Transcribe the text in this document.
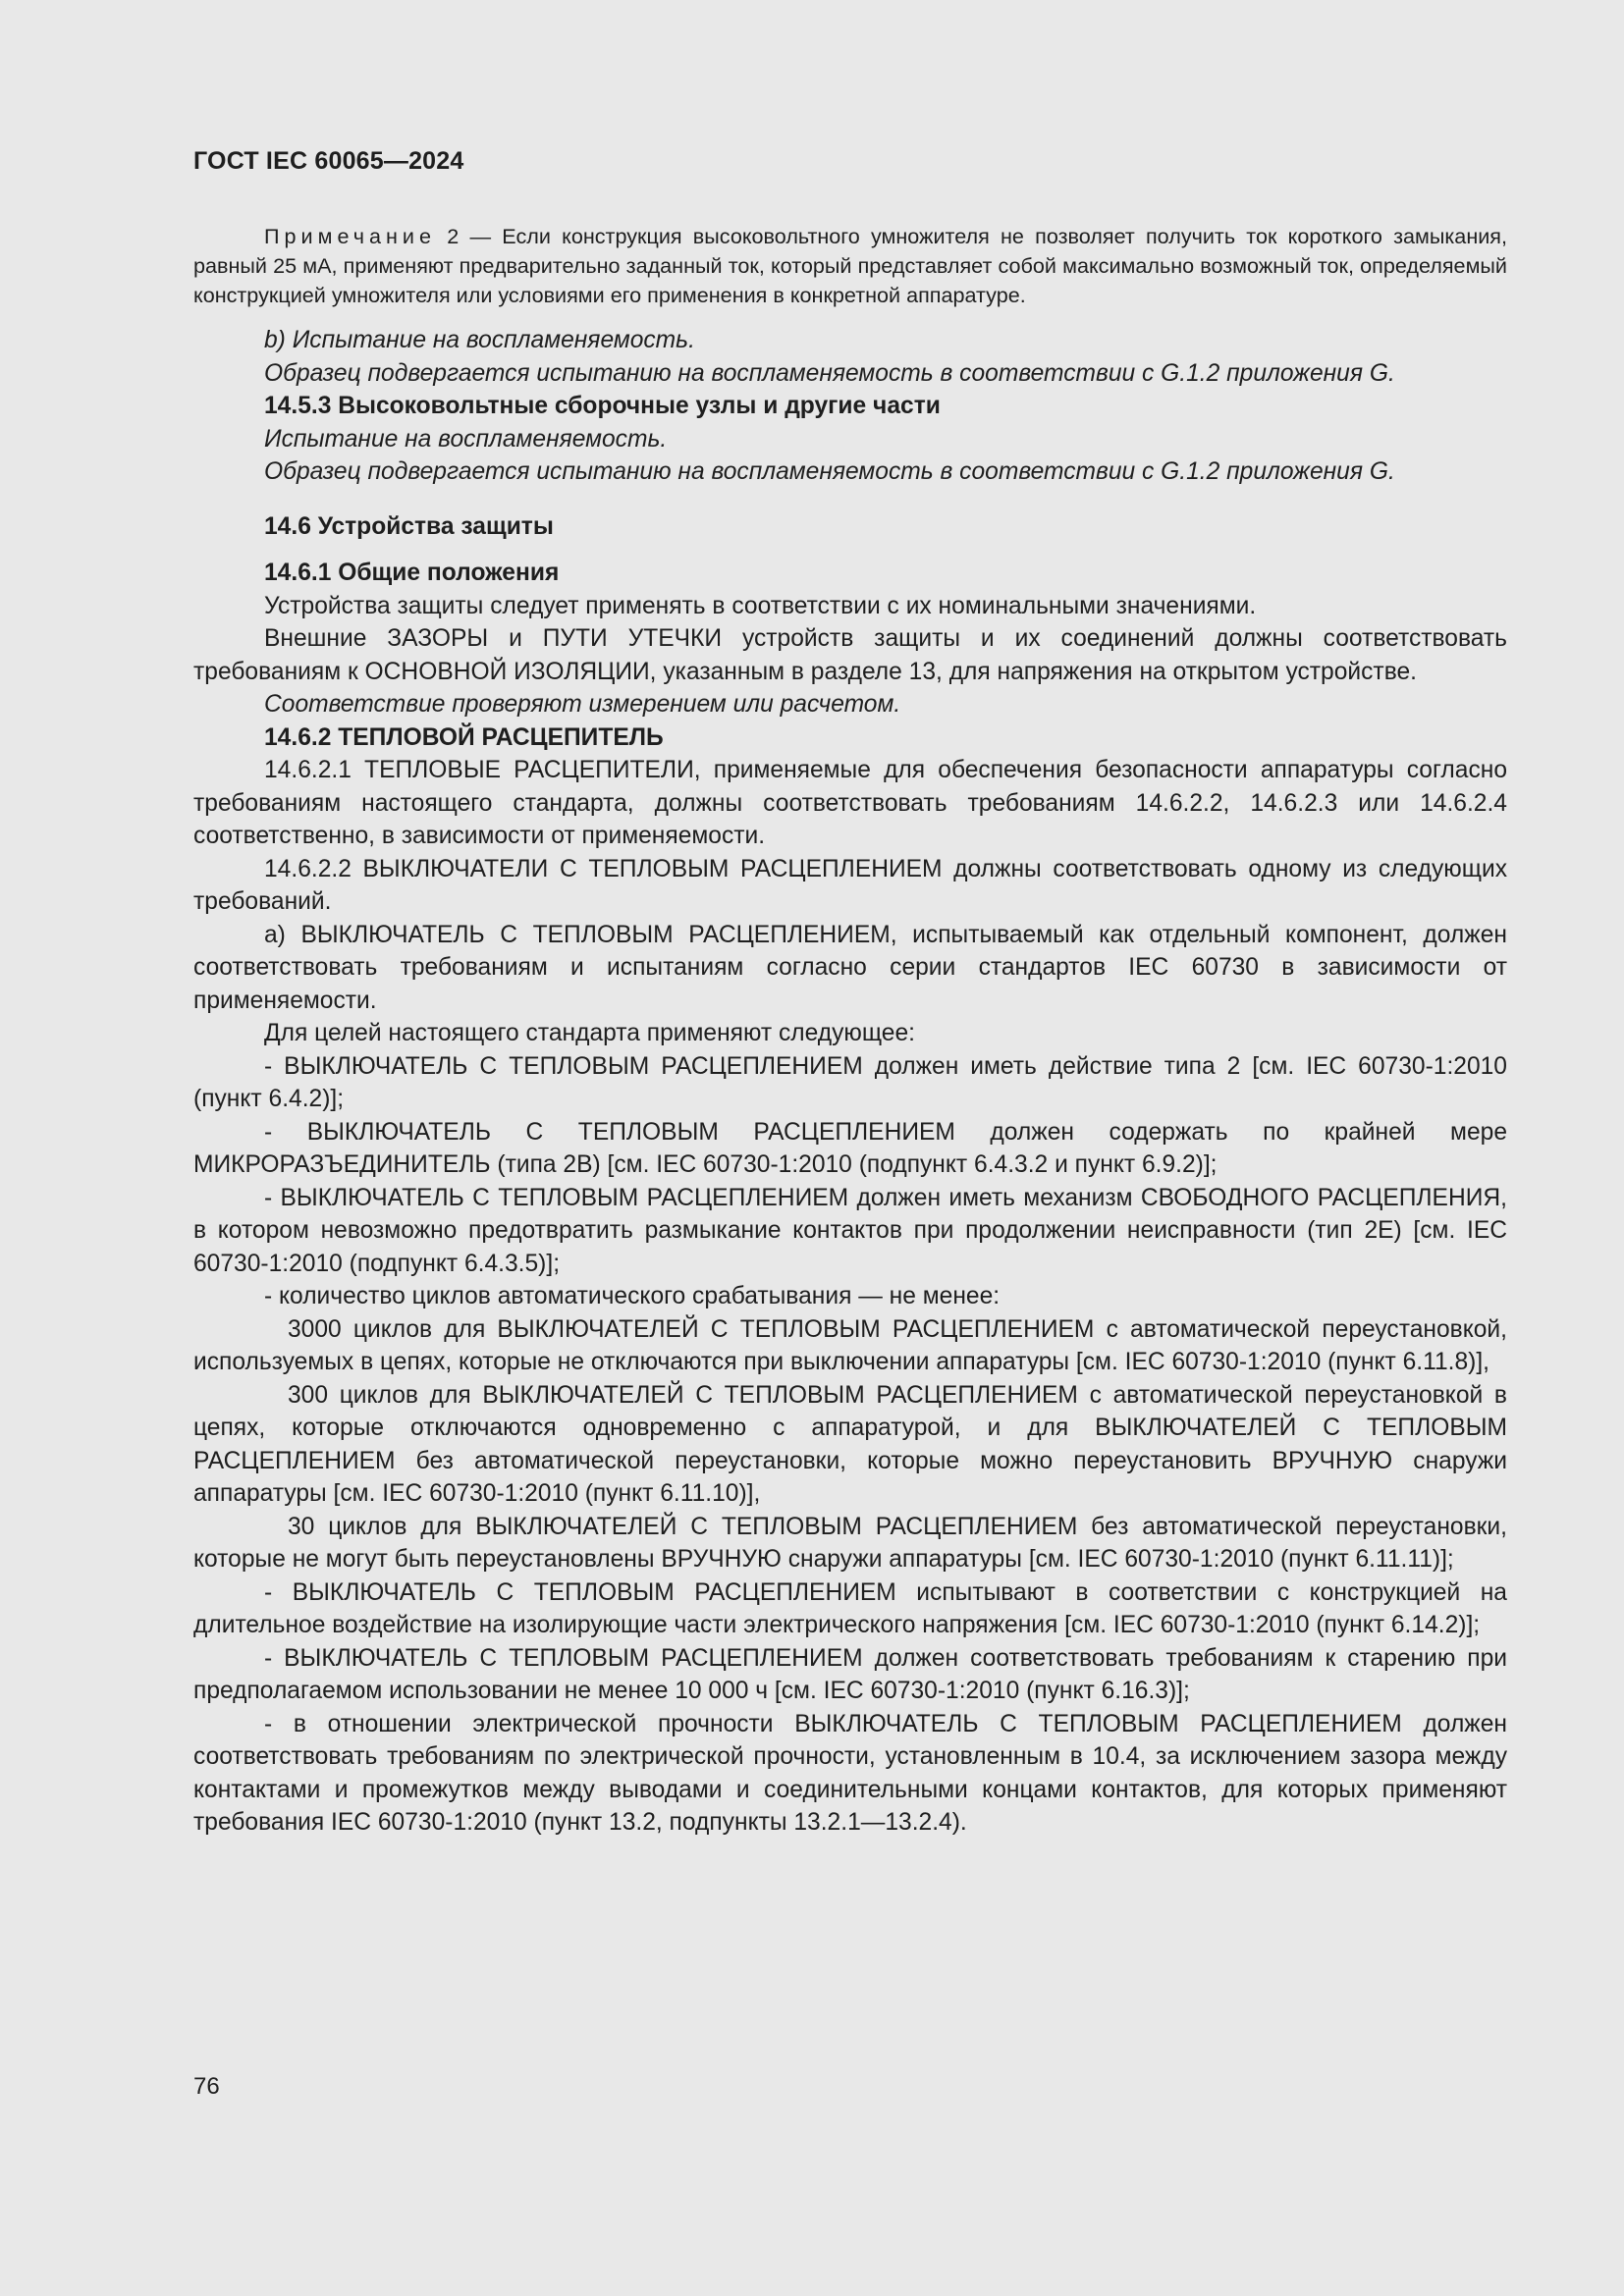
ГОСТ IEC 60065—2024

Примечание 2 — Если конструкция высоковольтного умножителя не позволяет получить ток короткого замыкания, равный 25 мА, применяют предварительно заданный ток, который представляет собой максимально возможный ток, определяемый конструкцией умножителя или условиями его применения в конкретной аппаратуре.

b) Испытание на воспламеняемость.

Образец подвергается испытанию на воспламеняемость в соответствии с G.1.2 приложения G.

14.5.3 Высоковольтные сборочные узлы и другие части

Испытание на воспламеняемость.

Образец подвергается испытанию на воспламеняемость в соответствии с G.1.2 приложения G.

14.6 Устройства защиты

14.6.1 Общие положения

Устройства защиты следует применять в соответствии с их номинальными значениями.

Внешние ЗАЗОРЫ и ПУТИ УТЕЧКИ устройств защиты и их соединений должны соответствовать требованиям к ОСНОВНОЙ ИЗОЛЯЦИИ, указанным в разделе 13, для напряжения на открытом устройстве.

Соответствие проверяют измерением или расчетом.

14.6.2 ТЕПЛОВОЙ РАСЦЕПИТЕЛЬ

14.6.2.1 ТЕПЛОВЫЕ РАСЦЕПИТЕЛИ, применяемые для обеспечения безопасности аппаратуры согласно требованиям настоящего стандарта, должны соответствовать требованиям 14.6.2.2, 14.6.2.3 или 14.6.2.4 соответственно, в зависимости от применяемости.

14.6.2.2 ВЫКЛЮЧАТЕЛИ С ТЕПЛОВЫМ РАСЦЕПЛЕНИЕМ должны соответствовать одному из следующих требований.

а) ВЫКЛЮЧАТЕЛЬ С ТЕПЛОВЫМ РАСЦЕПЛЕНИЕМ, испытываемый как отдельный компонент, должен соответствовать требованиям и испытаниям согласно серии стандартов IEC 60730 в зависимости от применяемости.

Для целей настоящего стандарта применяют следующее:

- ВЫКЛЮЧАТЕЛЬ С ТЕПЛОВЫМ РАСЦЕПЛЕНИЕМ должен иметь действие типа 2 [см. IEC 60730-1:2010 (пункт 6.4.2)];

- ВЫКЛЮЧАТЕЛЬ С ТЕПЛОВЫМ РАСЦЕПЛЕНИЕМ должен содержать по крайней мере МИКРОРАЗЪЕДИНИТЕЛЬ (типа 2В) [см. IEC 60730-1:2010 (подпункт 6.4.3.2 и пункт 6.9.2)];

- ВЫКЛЮЧАТЕЛЬ С ТЕПЛОВЫМ РАСЦЕПЛЕНИЕМ должен иметь механизм СВОБОДНОГО РАСЦЕПЛЕНИЯ, в котором невозможно предотвратить размыкание контактов при продолжении неисправности (тип 2Е) [см. IEC 60730-1:2010 (подпункт 6.4.3.5)];

- количество циклов автоматического срабатывания — не менее:

3000 циклов для ВЫКЛЮЧАТЕЛЕЙ С ТЕПЛОВЫМ РАСЦЕПЛЕНИЕМ с автоматической переустановкой, используемых в цепях, которые не отключаются при выключении аппаратуры [см. IEC 60730-1:2010 (пункт 6.11.8)],

300 циклов для ВЫКЛЮЧАТЕЛЕЙ С ТЕПЛОВЫМ РАСЦЕПЛЕНИЕМ с автоматической переустановкой в цепях, которые отключаются одновременно с аппаратурой, и для ВЫКЛЮЧАТЕЛЕЙ С ТЕПЛОВЫМ РАСЦЕПЛЕНИЕМ без автоматической переустановки, которые можно переустановить ВРУЧНУЮ снаружи аппаратуры [см. IEC 60730-1:2010 (пункт 6.11.10)],

30 циклов для ВЫКЛЮЧАТЕЛЕЙ С ТЕПЛОВЫМ РАСЦЕПЛЕНИЕМ без автоматической переустановки, которые не могут быть переустановлены ВРУЧНУЮ снаружи аппаратуры [см. IEC 60730-1:2010 (пункт 6.11.11)];

- ВЫКЛЮЧАТЕЛЬ С ТЕПЛОВЫМ РАСЦЕПЛЕНИЕМ испытывают в соответствии с конструкцией на длительное воздействие на изолирующие части электрического напряжения [см. IEC 60730-1:2010 (пункт 6.14.2)];

- ВЫКЛЮЧАТЕЛЬ С ТЕПЛОВЫМ РАСЦЕПЛЕНИЕМ должен соответствовать требованиям к старению при предполагаемом использовании не менее 10 000 ч [см. IEC 60730-1:2010 (пункт 6.16.3)];

- в отношении электрической прочности ВЫКЛЮЧАТЕЛЬ С ТЕПЛОВЫМ РАСЦЕПЛЕНИЕМ должен соответствовать требованиям по электрической прочности, установленным в 10.4, за исключением зазора между контактами и промежутков между выводами и соединительными концами контактов, для которых применяют требования IEC 60730-1:2010 (пункт 13.2, подпункты 13.2.1—13.2.4).

76
